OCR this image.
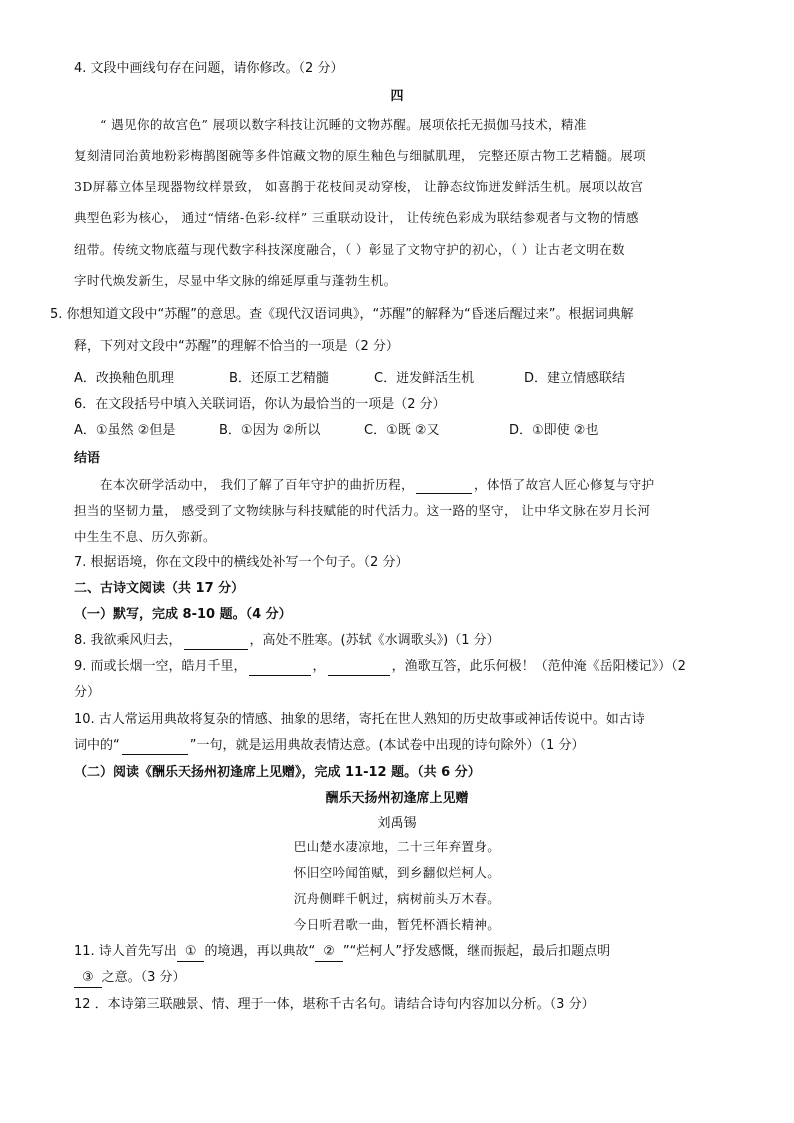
4. 文段中画线句存在问题，请你修改。（2 分）
四
“ 遇见你的故宫色” 展项以数字科技让沉睡的文物苏醒。展项依托无损伽马技术，精准
复刻清同治黄地粉彩梅鹊图碗等多件馆藏文物的原生釉色与细腻肌理， 完整还原古物工艺精髓。展项
3D屏幕立体呈现器物纹样景致， 如喜鹊于花枝间灵动穿梭， 让静态纹饰迸发鲜活生机。展项以故宫
典型色彩为核心， 通过“情绪-色彩-纹样” 三重联动设计， 让传统色彩成为联结参观者与文物的情感
纽带。传统文物底蕴与现代数字科技深度融合，（ ）彰显了文物守护的初心，（ ）让古老文明在数
字时代焕发新生，尽显中华文脉的绵延厚重与蓬勃生机。
5. 你想知道文段中“苏醒”的意思。查《现代汉语词典》，“苏醒”的解释为“昏迷后醒过来”。根据词典解
释，下列对文段中“苏醒”的理解不恰当的一项是（2 分）
A．改换釉色肌理	B．还原工艺精髓	C．迸发鲜活生机	D．建立情感联结
6．在文段括号中填入关联词语，你认为最恰当的一项是（2 分）
A．①虽然 ②但是	B．①因为 ②所以	C．①既 ②又	D．①即使 ②也
结语
在本次研学活动中， 我们了解了百年守护的曲折历程，	，体悟了故宫人匠心修复与守护
担当的坚韧力量， 感受到了文物续脉与科技赋能的时代活力。这一路的坚守， 让中华文脉在岁月长河
中生生不息、历久弥新。
7. 根据语境，你在文段中的横线处补写一个句子。（2 分）
二、古诗文阅读（共 17 分）
（一）默写，完成 8-10 题。（4 分）
8. 我欲乘风归去，	，高处不胜寒。(苏轼《水调歌头》)（1 分）
9. 而或长烟一空，皓月千里，	，	，渔歌互答，此乐何极！（范仲淹《岳阳楼记》）（2
分）
10. 古人常运用典故将复杂的情感、抽象的思绪，寄托在世人熟知的历史故事或神话传说中。如古诗
词中的“	”一句，就是运用典故表情达意。(本试卷中出现的诗句除外）（1 分）
（二）阅读《酬乐天扬州初逢席上见赠》，完成 11-12 题。（共 6 分）
酬乐天扬州初逢席上见赠
刘禹锡
巴山楚水凄凉地，二十三年弃置身。
怀旧空吟闻笛赋，到乡翻似烂柯人。
沉舟侧畔千帆过，病树前头万木春。
今日听君歌一曲，暂凭杯酒长精神。
11. 诗人首先写出 ① 的境遇，再以典故“ ② ”“烂柯人”抒发感慨，继而振起，最后扣题点明
③ 之意。（3 分）
12 ．本诗第三联融景、情、理于一体，堪称千古名句。请结合诗句内容加以分析。（3 分）
